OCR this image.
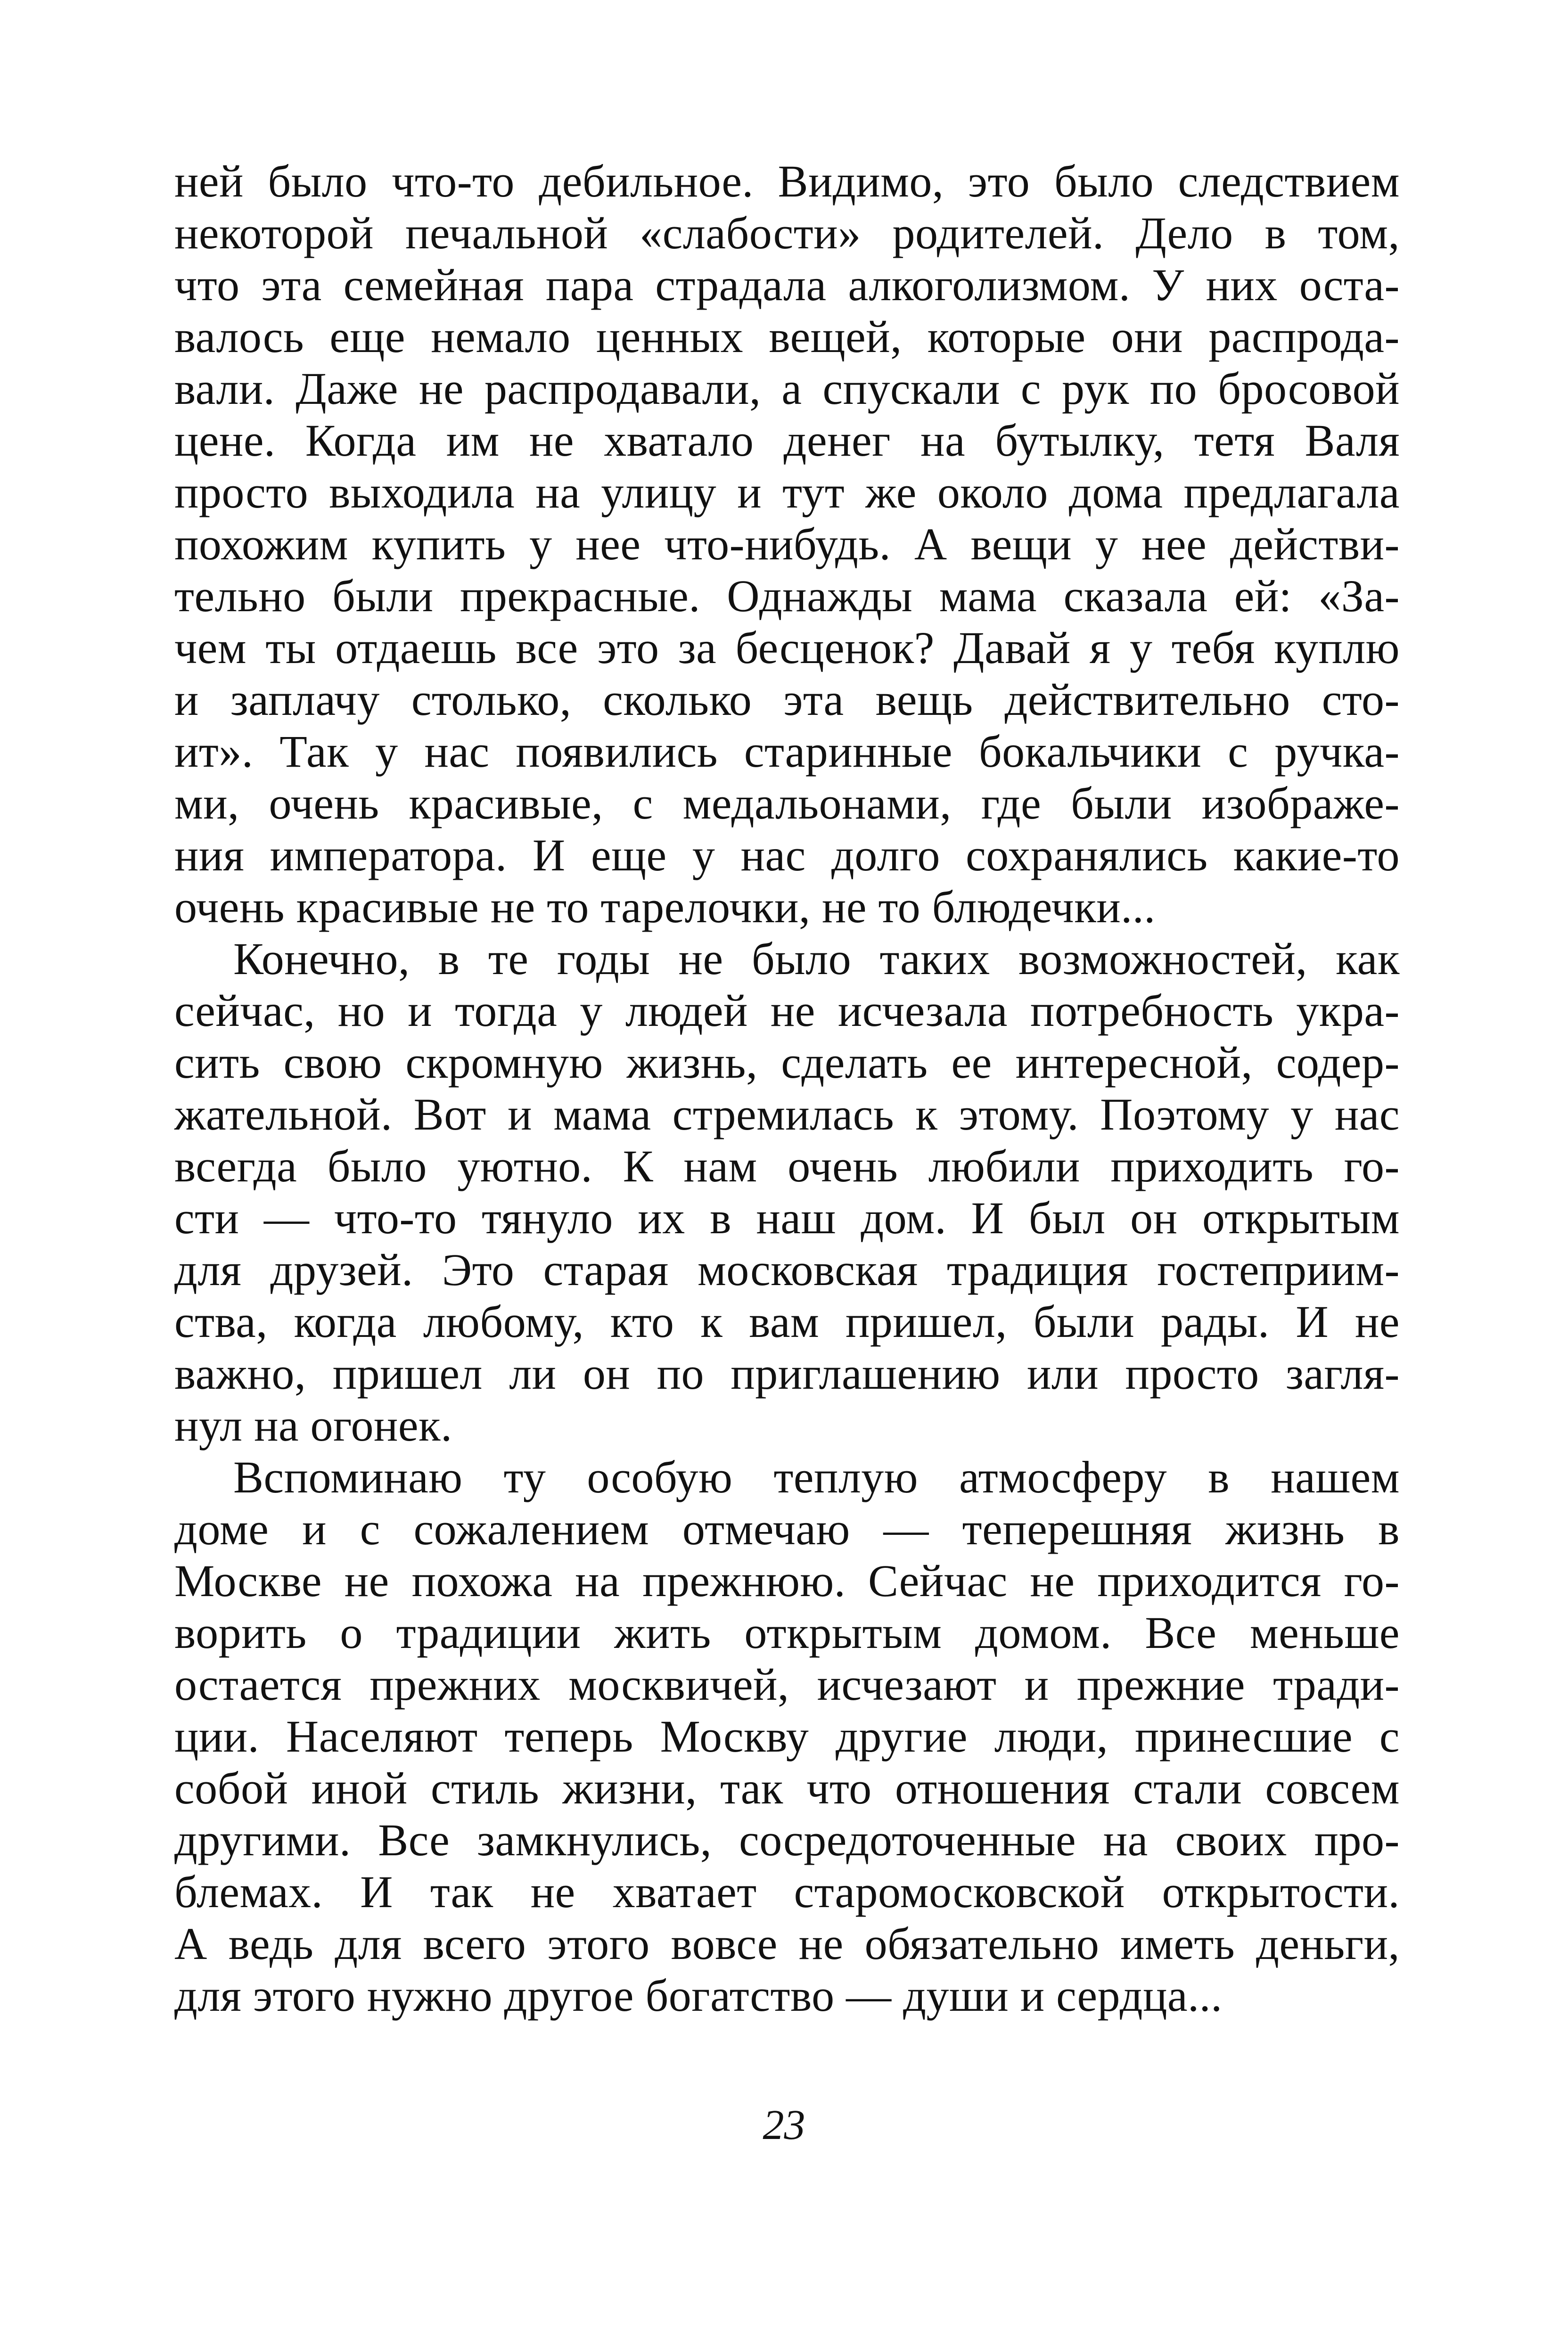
ней было что-то дебильное. Видимо, это было следствием
некоторой печальной «слабости» родителей. Дело в том,
что эта семейная пара страдала алкоголизмом. У них оста-
валось еще немало ценных вещей, которые они распрода-
вали. Даже не распродавали, а спускали с рук по бросовой
цене. Когда им не хватало денег на бутылку, тетя Валя
просто выходила на улицу и тут же около дома предлагала
похожим купить у нее что-нибудь. А вещи у нее действи-
тельно были прекрасные. Однажды мама сказала ей: «За-
чем ты отдаешь все это за бесценок? Давай я у тебя куплю
и заплачу столько, сколько эта вещь действительно сто-
ит». Так у нас появились старинные бокальчики с ручка-
ми, очень красивые, с медальонами, где были изображе-
ния императора. И еще у нас долго сохранялись какие-то
очень красивые не то тарелочки, не то блюдечки...
Конечно, в те годы не было таких возможностей, как
сейчас, но и тогда у людей не исчезала потребность укра-
сить свою скромную жизнь, сделать ее интересной, содер-
жательной. Вот и мама стремилась к этому. Поэтому у нас
всегда было уютно. К нам очень любили приходить го-
сти — что-то тянуло их в наш дом. И был он открытым
для друзей. Это старая московская традиция гостеприим-
ства, когда любому, кто к вам пришел, были рады. И не
важно, пришел ли он по приглашению или просто загля-
нул на огонек.
Вспоминаю ту особую теплую атмосферу в нашем
доме и с сожалением отмечаю — теперешняя жизнь в
Москве не похожа на прежнюю. Сейчас не приходится го-
ворить о традиции жить открытым домом. Все меньше
остается прежних москвичей, исчезают и прежние тради-
ции. Населяют теперь Москву другие люди, принесшие с
собой иной стиль жизни, так что отношения стали совсем
другими. Все замкнулись, сосредоточенные на своих про-
блемах. И так не хватает старомосковской открытости.
А ведь для всего этого вовсе не обязательно иметь деньги,
для этого нужно другое богатство — души и сердца...
23
